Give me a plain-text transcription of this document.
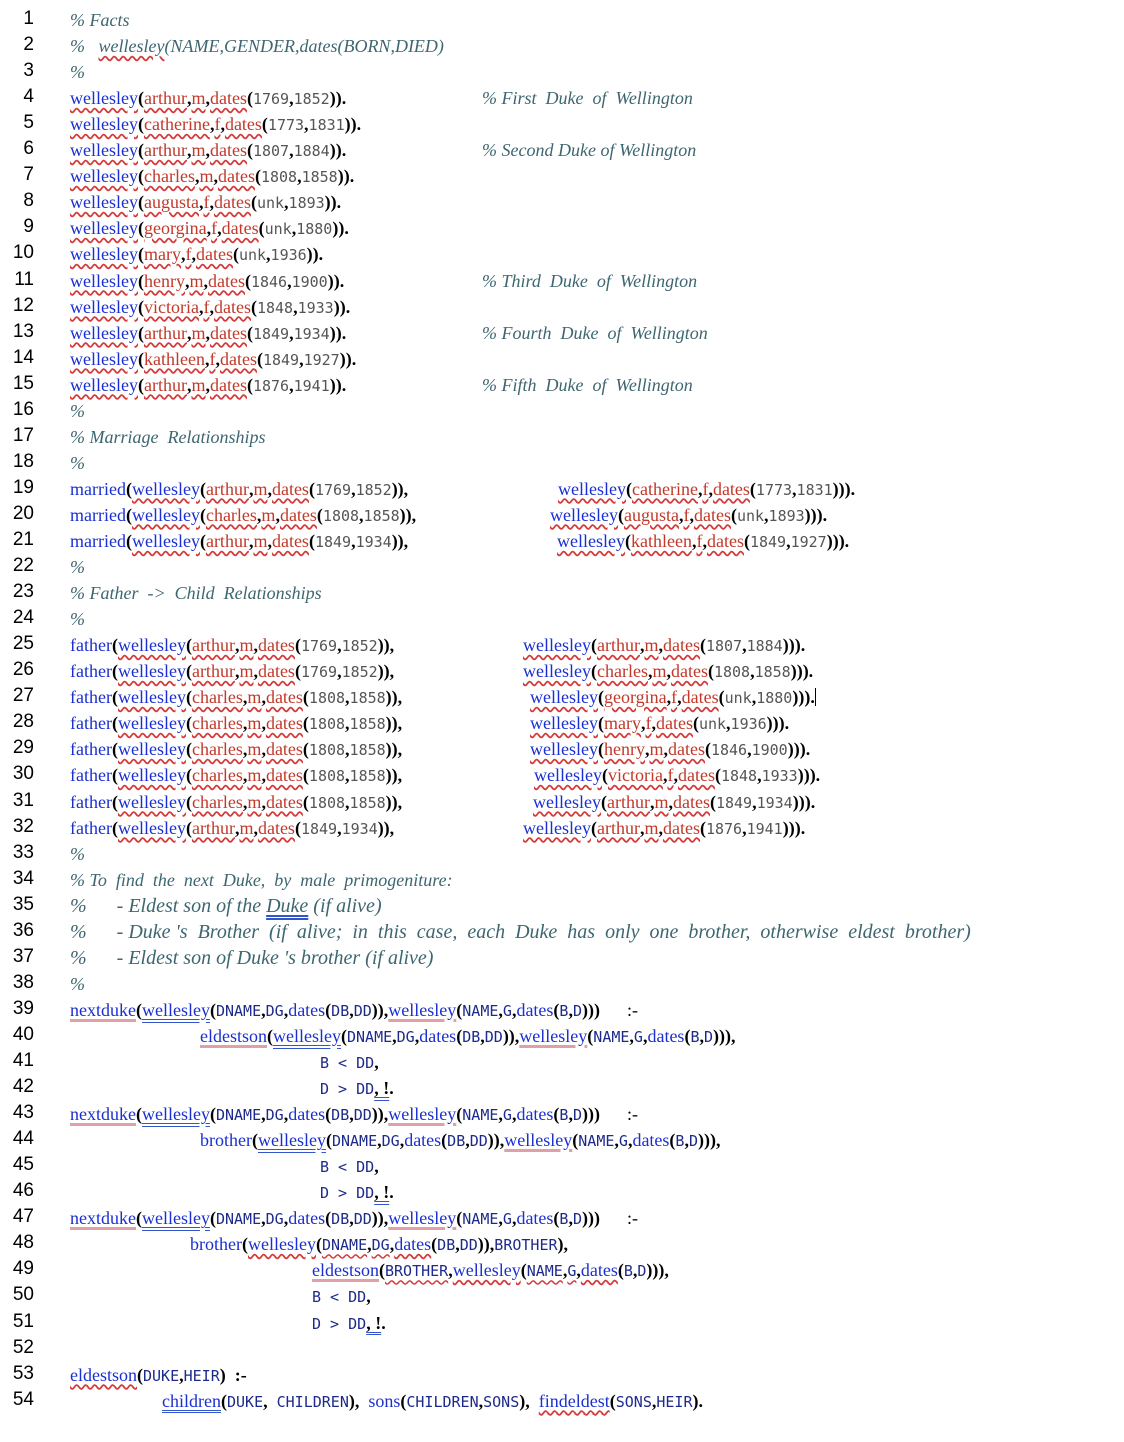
1 % Facts
2 %   wellesley(NAME,GENDER,dates(BORN,DIED)
3 %
4 wellesley(arthur,m,dates(1769,1852)).	% First  Duke  of  Wellington
5 wellesley(catherine,f,dates(1773,1831)).
6 wellesley(arthur,m,dates(1807,1884)).	% Second Duke of Wellington
7 wellesley(charles,m,dates(1808,1858)).
8 wellesley(augusta,f,dates(unk,1893)).
9 wellesley(georgina,f,dates(unk,1880)).
10 wellesley(mary,f,dates(unk,1936)).
11 wellesley(henry,m,dates(1846,1900)).	% Third  Duke  of  Wellington
12 wellesley(victoria,f,dates(1848,1933)).
13 wellesley(arthur,m,dates(1849,1934)).	% Fourth  Duke  of  Wellington
14 wellesley(kathleen,f,dates(1849,1927)).
15 wellesley(arthur,m,dates(1876,1941)).	% Fifth  Duke  of  Wellington
16 %
17 % Marriage  Relationships
18 %
19 married(wellesley(arthur,m,dates(1769,1852)),	wellesley(catherine,f,dates(1773,1831))).
20 married(wellesley(charles,m,dates(1808,1858)),	wellesley(augusta,f,dates(unk,1893))).
21 married(wellesley(arthur,m,dates(1849,1934)),	wellesley(kathleen,f,dates(1849,1927))).
22 %
23 % Father  ->  Child  Relationships
24 %
25 father(wellesley(arthur,m,dates(1769,1852)),	wellesley(arthur,m,dates(1807,1884))).
26 father(wellesley(arthur,m,dates(1769,1852)),	wellesley(charles,m,dates(1808,1858))).
27 father(wellesley(charles,m,dates(1808,1858)),	wellesley(georgina,f,dates(unk,1880))).
28 father(wellesley(charles,m,dates(1808,1858)),	wellesley(mary,f,dates(unk,1936))).
29 father(wellesley(charles,m,dates(1808,1858)),	wellesley(henry,m,dates(1846,1900))).
30 father(wellesley(charles,m,dates(1808,1858)),	wellesley(victoria,f,dates(1848,1933))).
31 father(wellesley(charles,m,dates(1808,1858)),	wellesley(arthur,m,dates(1849,1934))).
32 father(wellesley(arthur,m,dates(1849,1934)),	wellesley(arthur,m,dates(1876,1941))).
33 %
34 % To  find  the  next  Duke,  by  male  primogeniture:
35 %      - Eldest son of the Duke (if alive)
36 %      - Duke 's  Brother  (if  alive;  in  this  case,  each  Duke  has  only  one  brother,  otherwise  eldest  brother)
37 %      - Eldest son of Duke 's brother (if alive)
38 %
39 nextduke(wellesley(DNAME,DG,dates(DB,DD)),wellesley(NAME,G,dates(B,D)))      :-
40	eldestson(wellesley(DNAME,DG,dates(DB,DD)),wellesley(NAME,G,dates(B,D))),
41	B < DD,
42	D > DD, !.
43 nextduke(wellesley(DNAME,DG,dates(DB,DD)),wellesley(NAME,G,dates(B,D)))      :-
44	brother(wellesley(DNAME,DG,dates(DB,DD)),wellesley(NAME,G,dates(B,D))),
45	B < DD,
46	D > DD, !.
47 nextduke(wellesley(DNAME,DG,dates(DB,DD)),wellesley(NAME,G,dates(B,D)))      :-
48	brother(wellesley(DNAME,DG,dates(DB,DD)),BROTHER),
49	eldestson(BROTHER,wellesley(NAME,G,dates(B,D))),
50	B < DD,
51	D > DD, !.
52
53 eldestson(DUKE,HEIR)  :-
54	children(DUKE,  CHILDREN),  sons(CHILDREN,SONS),  findeldest(SONS,HEIR).
